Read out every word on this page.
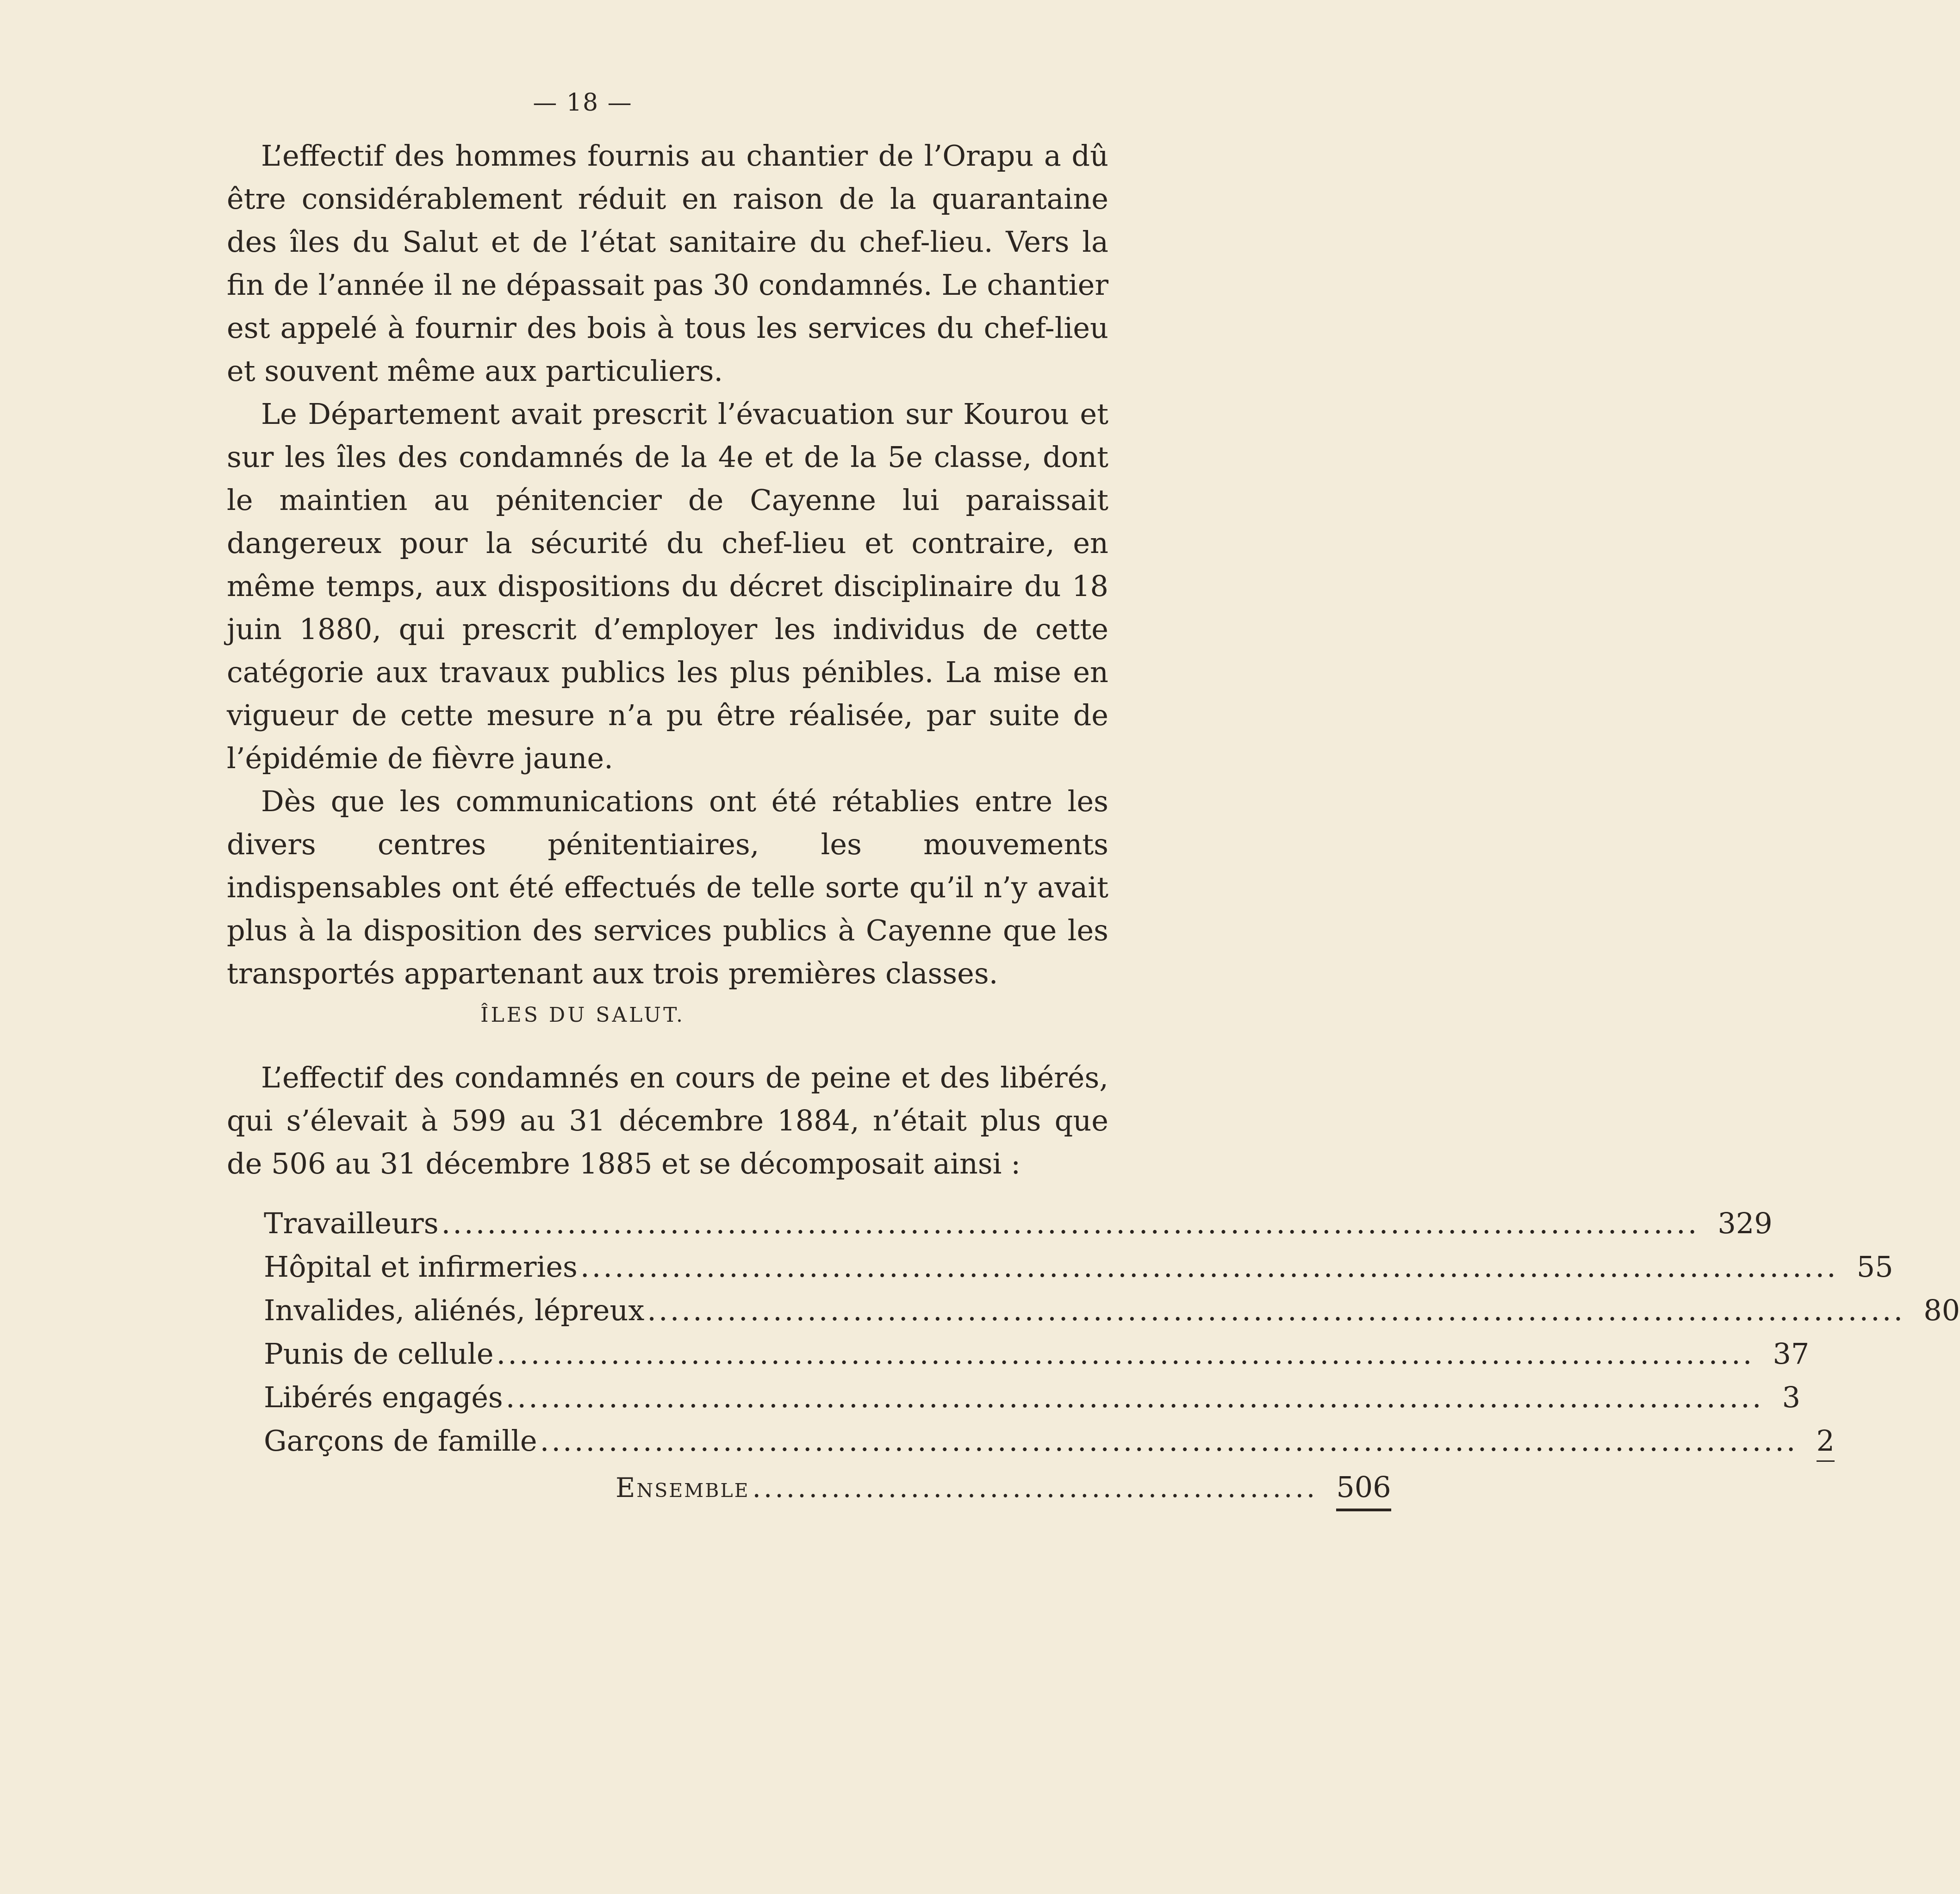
— 18 —

L’effectif des hommes fournis au chantier de l’Orapu a dû être considérablement réduit en raison de la quarantaine des îles du Salut et de l’état sanitaire du chef-lieu. Vers la fin de l’année il ne dépassait pas 30 condamnés. Le chantier est appelé à fournir des bois à tous les services du chef-lieu et souvent même aux particuliers.

Le Département avait prescrit l’évacuation sur Kourou et sur les îles des condamnés de la 4e et de la 5e classe, dont le maintien au pénitencier de Cayenne lui paraissait dangereux pour la sécurité du chef-lieu et contraire, en même temps, aux dispositions du décret disciplinaire du 18 juin 1880, qui prescrit d’employer les individus de cette catégorie aux travaux publics les plus pénibles. La mise en vigueur de cette mesure n’a pu être réalisée, par suite de l’épidémie de fièvre jaune.

Dès que les communications ont été rétablies entre les divers centres pénitentiaires, les mouvements indispensables ont été effectués de telle sorte qu’il n’y avait plus à la disposition des services publics à Cayenne que les transportés appartenant aux trois premières classes.

ÎLES DU SALUT.

L’effectif des condamnés en cours de peine et des libérés, qui s’élevait à 599 au 31 décembre 1884, n’était plus que de 506 au 31 décembre 1885 et se décomposait ainsi :

Travailleurs .............................................................................................................. 329
Hôpital et infirmeries .............................................................................................................. 55
Invalides, aliénés, lépreux .............................................................................................................. 80
Punis de cellule .............................................................................................................. 37
Libérés engagés .............................................................................................................. 3
Garçons de famille .............................................................................................................. 2
Ensemble .................................................. 506
